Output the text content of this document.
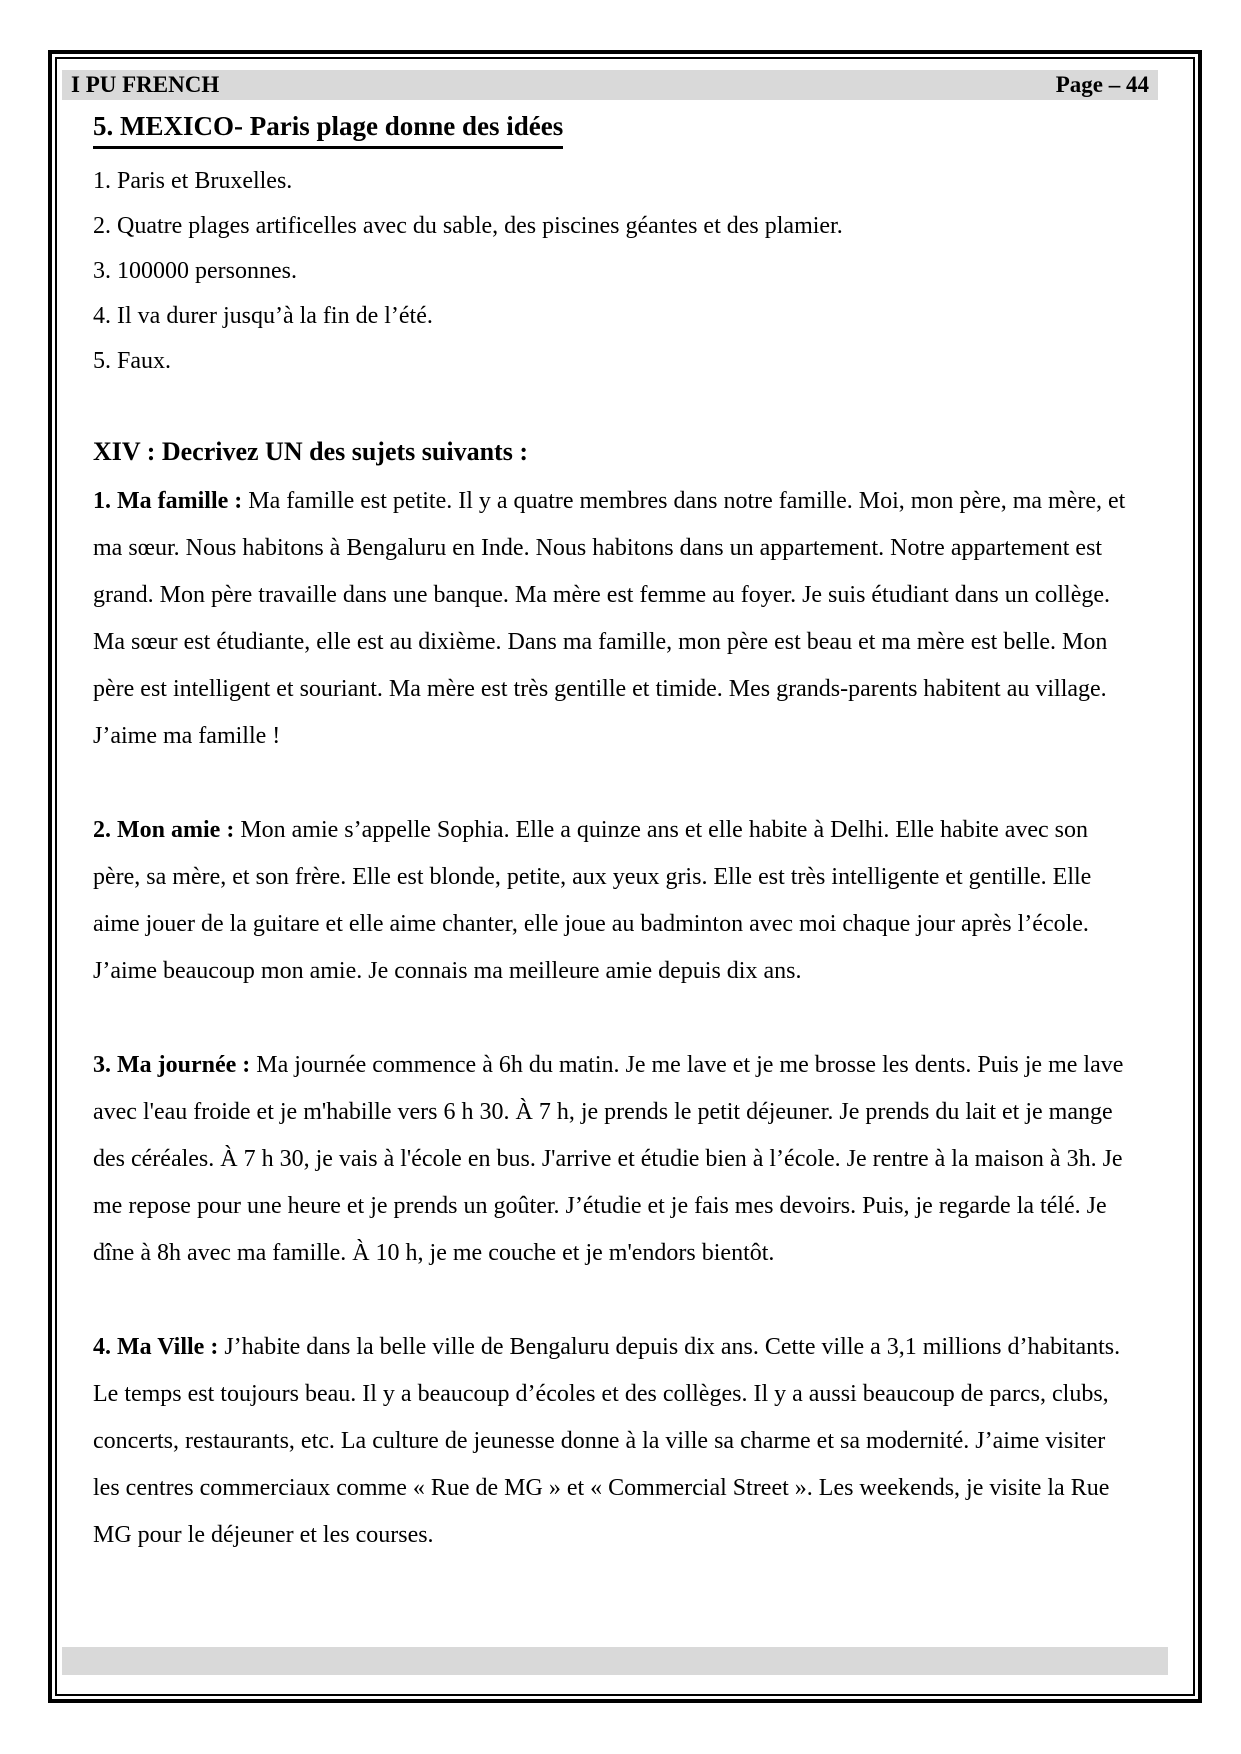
I PU FRENCH	Page – 44
5. MEXICO- Paris plage donne des idées

1. Paris et Bruxelles.

2. Quatre plages artificelles avec du sable, des piscines géantes et des plamier.

3. 100000 personnes.

4. Il va durer jusqu’à la fin de l’été.

5. Faux.

XIV : Decrivez UN des sujets suivants :

1. Ma famille : Ma famille est petite. Il y a quatre membres dans notre famille. Moi, mon père, ma mère, et ma sœur. Nous habitons à Bengaluru en Inde. Nous habitons dans un appartement. Notre appartement est grand. Mon père travaille dans une banque. Ma mère est femme au foyer. Je suis étudiant dans un collège. Ma sœur est étudiante, elle est au dixième. Dans ma famille, mon père est beau et ma mère est belle. Mon père est intelligent et souriant. Ma mère est très gentille et timide. Mes grands-parents habitent au village. J’aime ma famille !

2. Mon amie : Mon amie s’appelle Sophia. Elle a quinze ans et elle habite à Delhi. Elle habite avec son père, sa mère, et son frère. Elle est blonde, petite, aux yeux gris. Elle est très intelligente et gentille. Elle aime jouer de la guitare et elle aime chanter, elle joue au badminton avec moi chaque jour après l’école. J’aime beaucoup mon amie. Je connais ma meilleure amie depuis dix ans.

3. Ma journée : Ma journée commence à 6h du matin. Je me lave et je me brosse les dents. Puis je me lave avec l'eau froide et je m'habille vers 6 h 30. À 7 h, je prends le petit déjeuner. Je prends du lait et je mange des céréales. À 7 h 30, je vais à l'école en bus. J'arrive et étudie bien à l’école. Je rentre à la maison à 3h. Je me repose pour une heure et je prends un goûter. J’étudie et je fais mes devoirs. Puis, je regarde la télé. Je dîne à 8h avec ma famille. À 10 h, je me couche et je m'endors bientôt.

4. Ma Ville : J’habite dans la belle ville de Bengaluru depuis dix ans. Cette ville a 3,1 millions d’habitants. Le temps est toujours beau. Il y a beaucoup d’écoles et des collèges. Il y a aussi beaucoup de parcs, clubs, concerts, restaurants, etc. La culture de jeunesse donne à la ville sa charme et sa modernité. J’aime visiter les centres commerciaux comme « Rue de MG » et « Commercial Street ». Les weekends, je visite la Rue MG pour le déjeuner et les courses.
